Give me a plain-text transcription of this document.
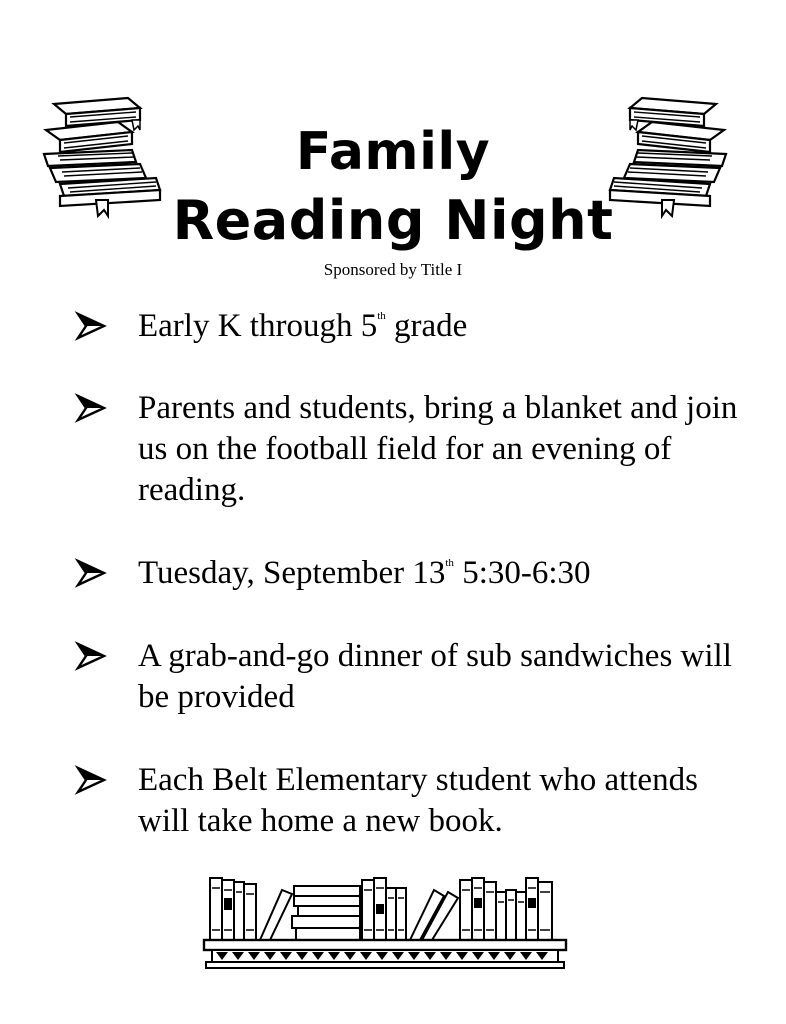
Family
Reading Night
Sponsored by Title I
Early K through 5th grade
Parents and students, bring a blanket and join us on the football field for an evening of reading.
Tuesday, September 13th 5:30-6:30
A grab-and-go dinner of sub sandwiches will be provided
Each Belt Elementary student who attends will take home a new book.
